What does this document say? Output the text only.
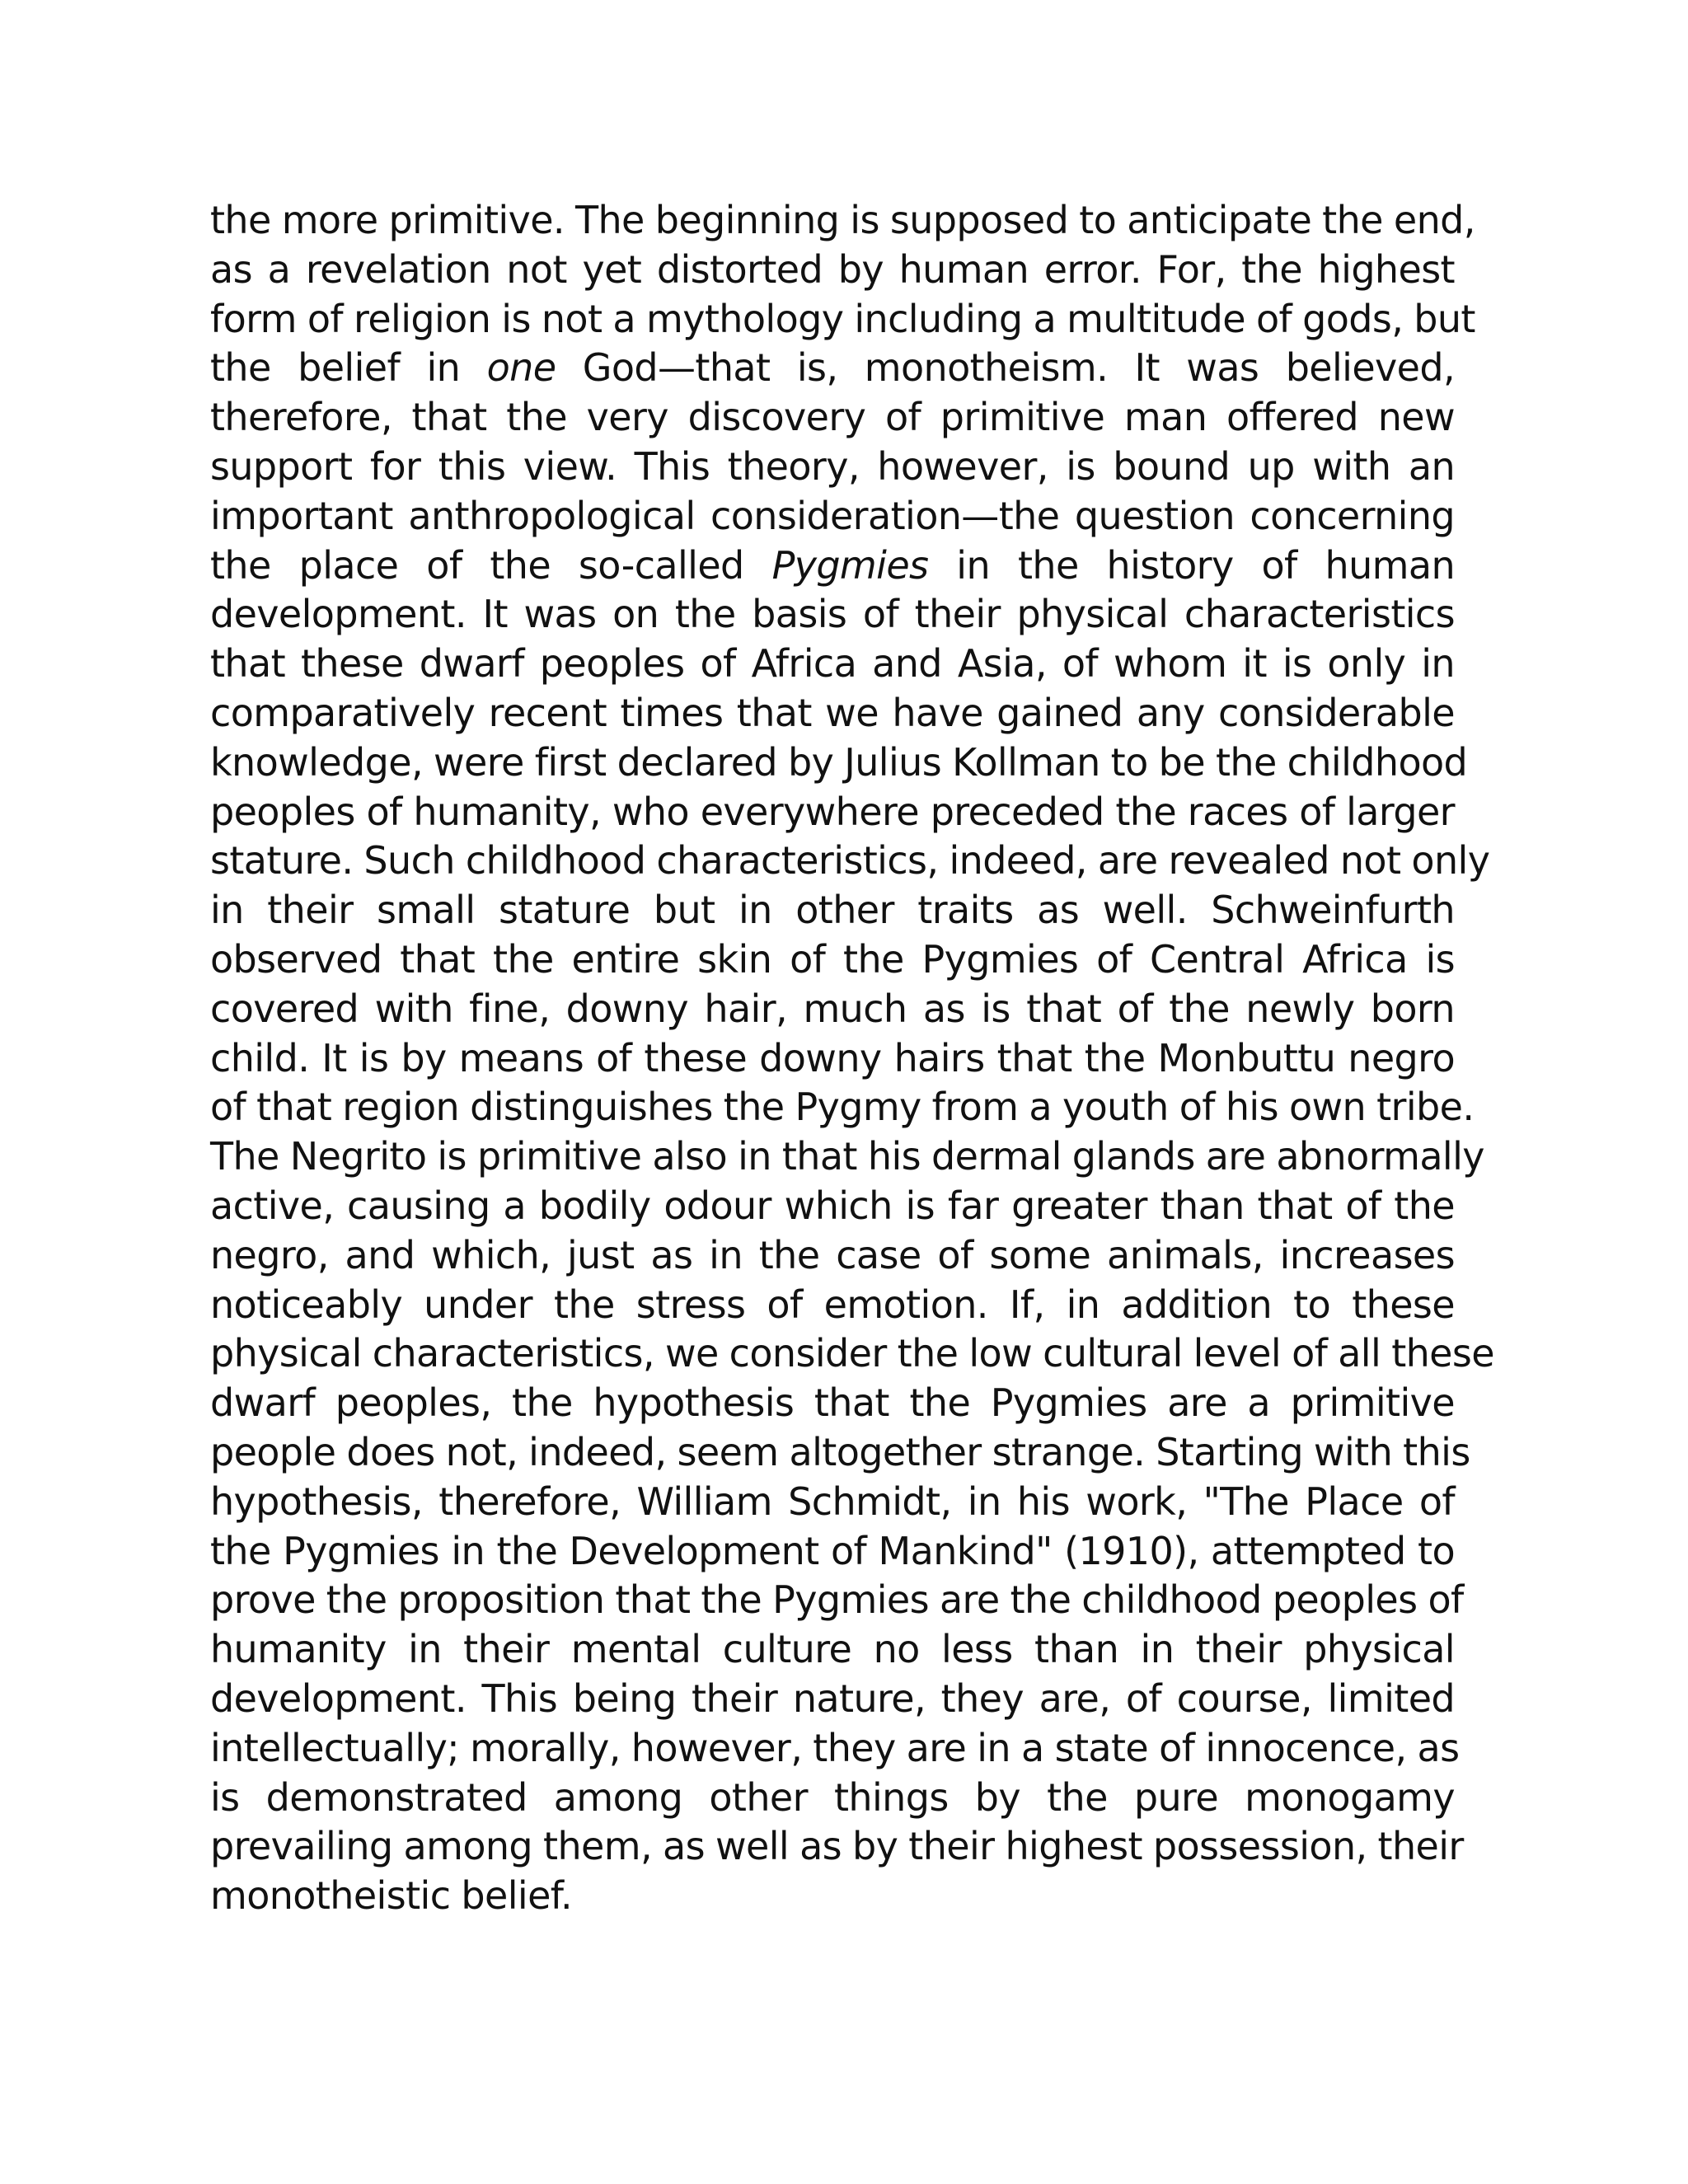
the more primitive. The beginning is supposed to anticipate the end,
as a revelation not yet distorted by human error. For, the highest
form of religion is not a mythology including a multitude of gods, but
the belief in one God—that is, monotheism. It was believed,
therefore, that the very discovery of primitive man offered new
support for this view. This theory, however, is bound up with an
important anthropological consideration—the question concerning
the place of the so-called Pygmies in the history of human
development. It was on the basis of their physical characteristics
that these dwarf peoples of Africa and Asia, of whom it is only in
comparatively recent times that we have gained any considerable
knowledge, were first declared by Julius Kollman to be the childhood
peoples of humanity, who everywhere preceded the races of larger
stature. Such childhood characteristics, indeed, are revealed not only
in their small stature but in other traits as well. Schweinfurth
observed that the entire skin of the Pygmies of Central Africa is
covered with fine, downy hair, much as is that of the newly born
child. It is by means of these downy hairs that the Monbuttu negro
of that region distinguishes the Pygmy from a youth of his own tribe.
The Negrito is primitive also in that his dermal glands are abnormally
active, causing a bodily odour which is far greater than that of the
negro, and which, just as in the case of some animals, increases
noticeably under the stress of emotion. If, in addition to these
physical characteristics, we consider the low cultural level of all these
dwarf peoples, the hypothesis that the Pygmies are a primitive
people does not, indeed, seem altogether strange. Starting with this
hypothesis, therefore, William Schmidt, in his work, "The Place of
the Pygmies in the Development of Mankind" (1910), attempted to
prove the proposition that the Pygmies are the childhood peoples of
humanity in their mental culture no less than in their physical
development. This being their nature, they are, of course, limited
intellectually; morally, however, they are in a state of innocence, as
is demonstrated among other things by the pure monogamy
prevailing among them, as well as by their highest possession, their
monotheistic belief.
